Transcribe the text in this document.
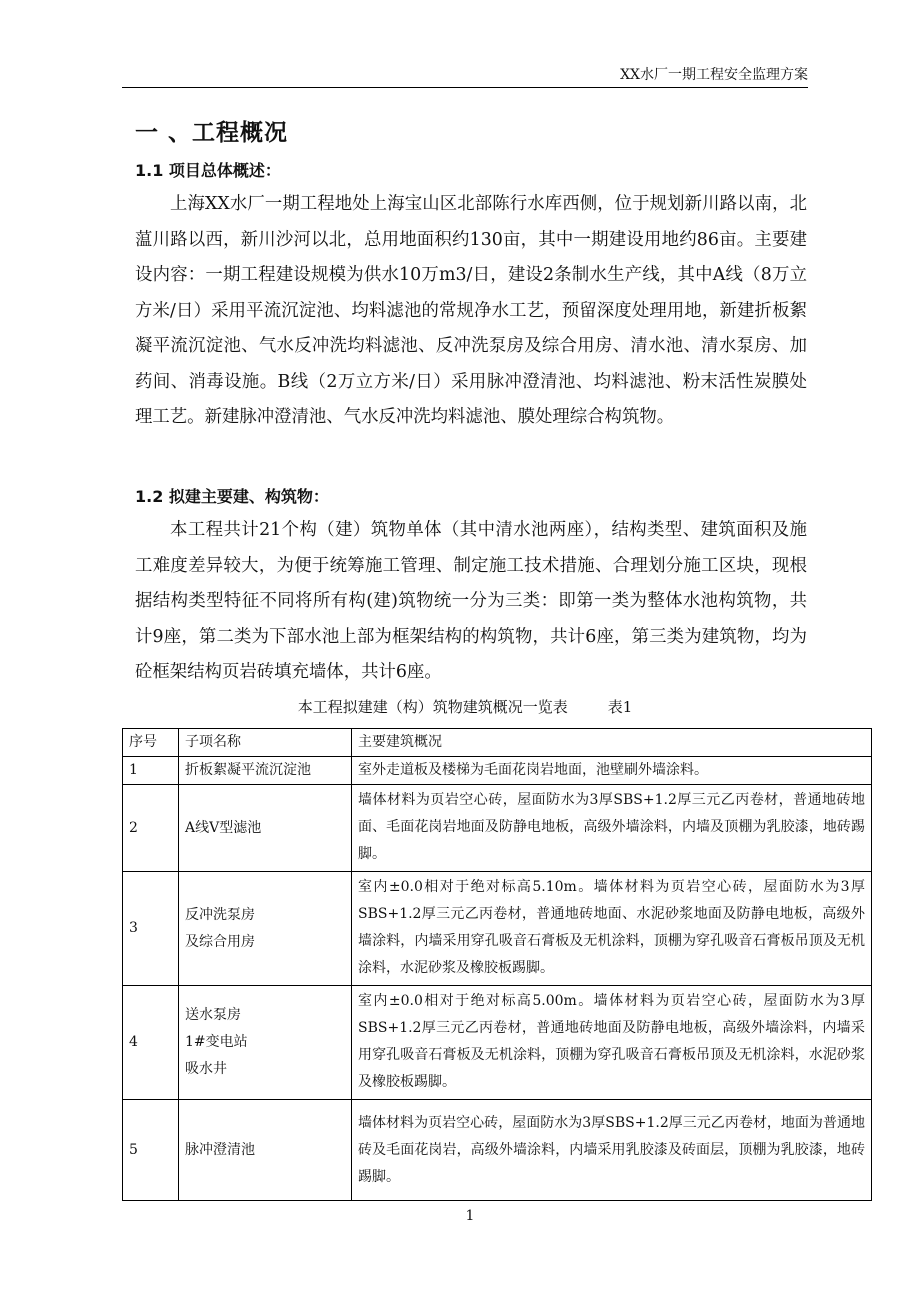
XX水厂一期工程安全监理方案
一 、工程概况
1.1 项目总体概述：
上海XX水厂一期工程地处上海宝山区北部陈行水库西侧，位于规划新川路以南，北蕰川路以西，新川沙河以北，总用地面积约130亩，其中一期建设用地约86亩。主要建设内容：一期工程建设规模为供水10万m3/日，建设2条制水生产线，其中A线（8万立方米/日）采用平流沉淀池、均料滤池的常规净水工艺，预留深度处理用地，新建折板絮凝平流沉淀池、气水反冲洗均料滤池、反冲洗泵房及综合用房、清水池、清水泵房、加药间、消毒设施。B线（2万立方米/日）采用脉冲澄清池、均料滤池、粉末活性炭膜处理工艺。新建脉冲澄清池、气水反冲洗均料滤池、膜处理综合构筑物。
1.2 拟建主要建、构筑物：
本工程共计21个构（建）筑物单体（其中清水池两座），结构类型、建筑面积及施工难度差异较大，为便于统筹施工管理、制定施工技术措施、合理划分施工区块，现根据结构类型特征不同将所有构(建)筑物统一分为三类：即第一类为整体水池构筑物，共计9座，第二类为下部水池上部为框架结构的构筑物，共计6座，第三类为建筑物，均为砼框架结构页岩砖填充墙体，共计6座。
本工程拟建建（构）筑物建筑概况一览表	表1
序号	子项名称	主要建筑概况
1	折板絮凝平流沉淀池	室外走道板及楼梯为毛面花岗岩地面，池壁刷外墙涂料。
2	A线V型滤池	墙体材料为页岩空心砖，屋面防水为3厚SBS+1.2厚三元乙丙卷材，普通地砖地面、毛面花岗岩地面及防静电地板，高级外墙涂料，内墙及顶棚为乳胶漆，地砖踢脚。
3	反冲洗泵房
及综合用房	室内±0.0相对于绝对标高5.10m。墙体材料为页岩空心砖，屋面防水为3厚SBS+1.2厚三元乙丙卷材，普通地砖地面、水泥砂浆地面及防静电地板，高级外墙涂料，内墙采用穿孔吸音石膏板及无机涂料，顶棚为穿孔吸音石膏板吊顶及无机涂料，水泥砂浆及橡胶板踢脚。
4	送水泵房
1#变电站
吸水井	室内±0.0相对于绝对标高5.00m。墙体材料为页岩空心砖，屋面防水为3厚SBS+1.2厚三元乙丙卷材，普通地砖地面及防静电地板，高级外墙涂料，内墙采用穿孔吸音石膏板及无机涂料，顶棚为穿孔吸音石膏板吊顶及无机涂料，水泥砂浆及橡胶板踢脚。
5	脉冲澄清池	墙体材料为页岩空心砖，屋面防水为3厚SBS+1.2厚三元乙丙卷材，地面为普通地砖及毛面花岗岩，高级外墙涂料，内墙采用乳胶漆及砖面层，顶棚为乳胶漆，地砖踢脚。
1
